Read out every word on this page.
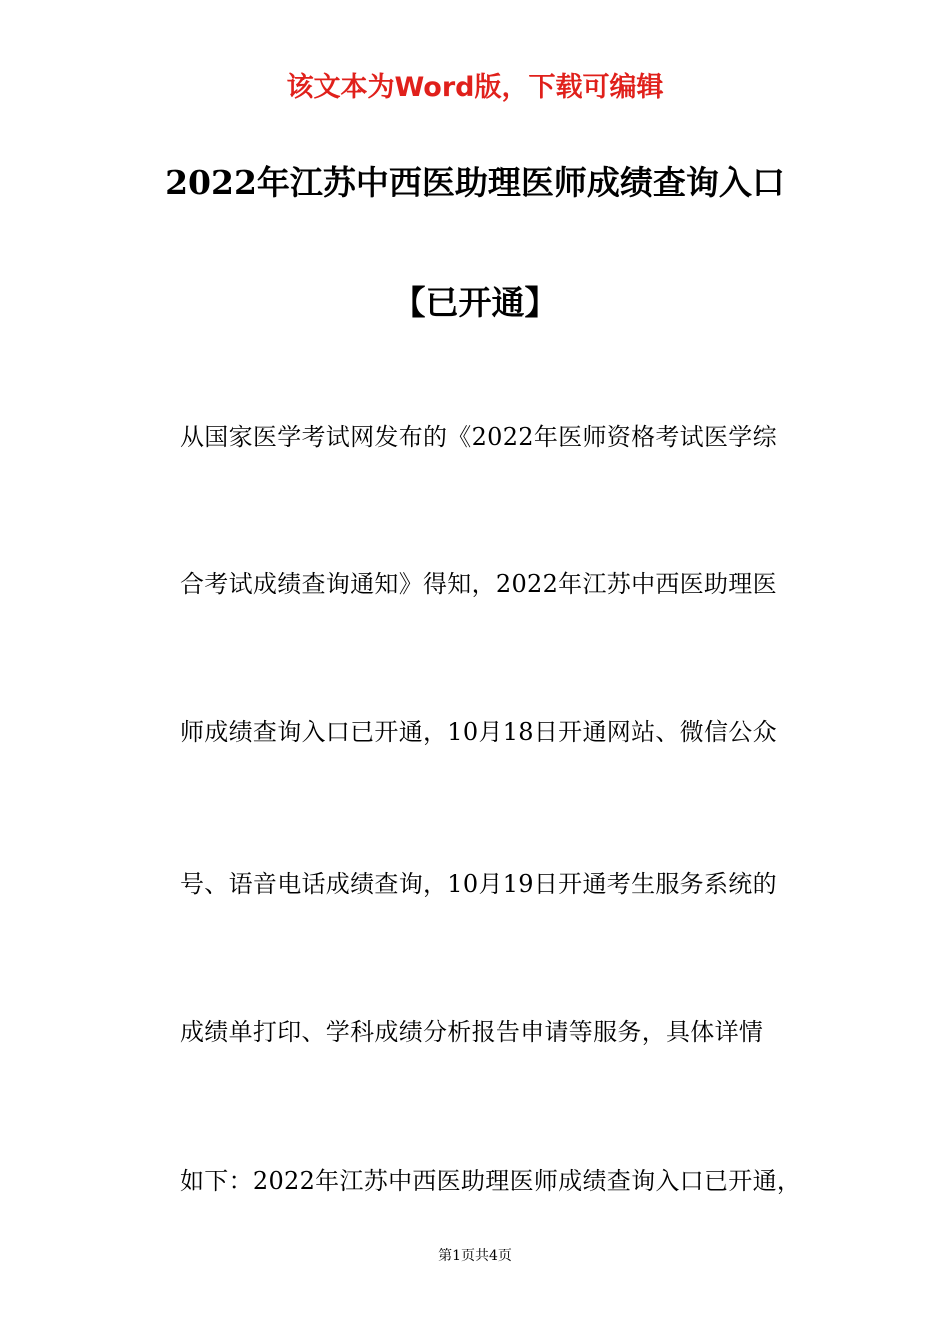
该文本为Word版，下载可编辑
2022年江苏中西医助理医师成绩查询入口
【已开通】
从国家医学考试网发布的《2022年医师资格考试医学综
合考试成绩查询通知》得知，2022年江苏中西医助理医
师成绩查询入口已开通，10月18日开通网站、微信公众
号、语音电话成绩查询，10月19日开通考生服务系统的
成绩单打印、学科成绩分析报告申请等服务，具体详情
如下：2022年江苏中西医助理医师成绩查询入口已开通，
第1页共4页
